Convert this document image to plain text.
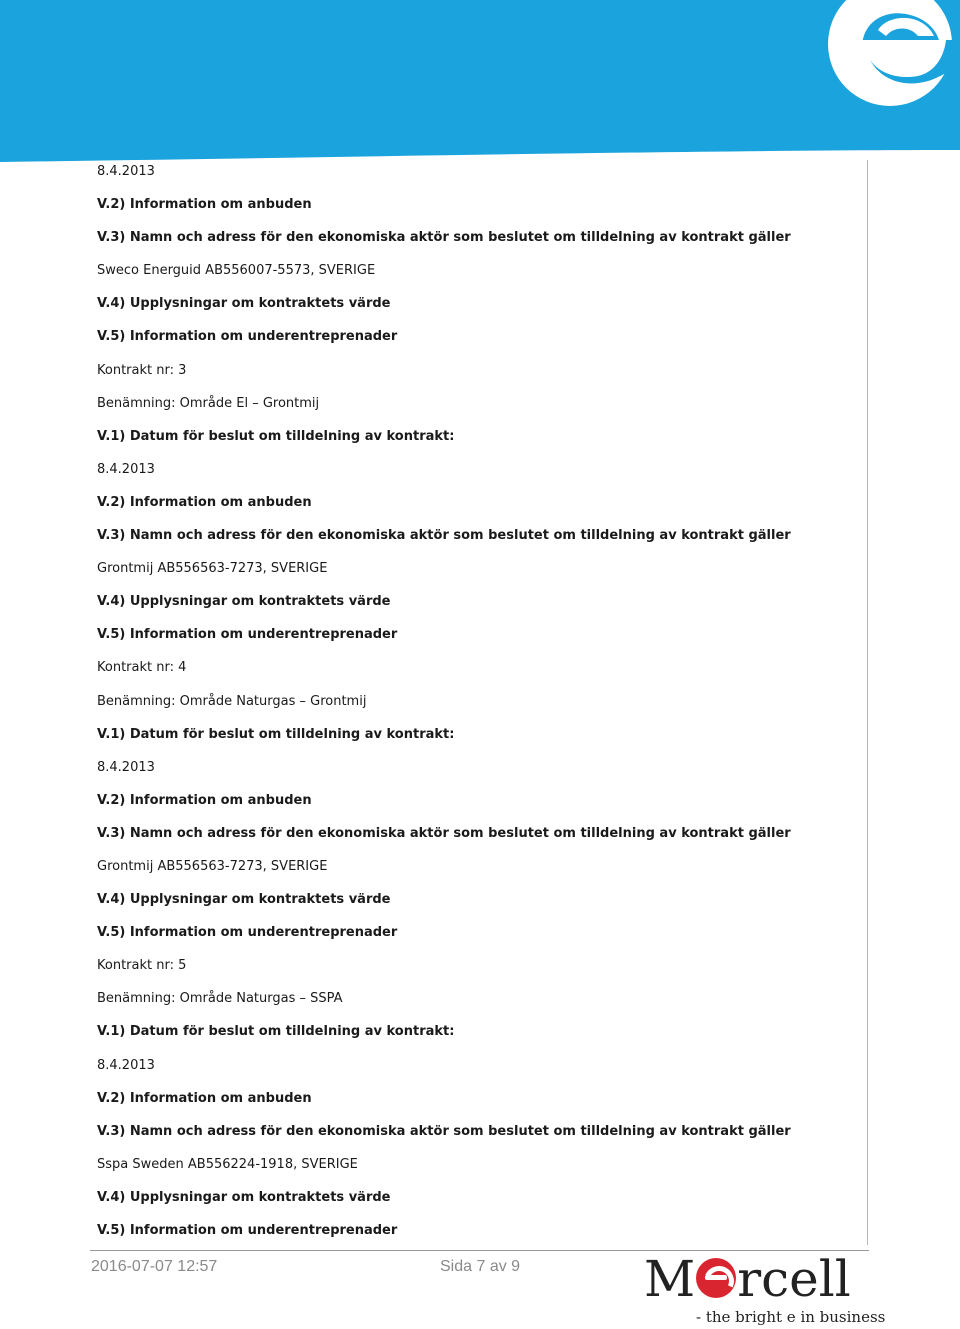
8.4.2013
V.2) Information om anbuden
V.3) Namn och adress för den ekonomiska aktör som beslutet om tilldelning av kontrakt gäller
Sweco Energuid AB556007-5573, SVERIGE
V.4) Upplysningar om kontraktets värde
V.5) Information om underentreprenader
Kontrakt nr: 3
Benämning: Område El – Grontmij
V.1) Datum för beslut om tilldelning av kontrakt:
8.4.2013
V.2) Information om anbuden
V.3) Namn och adress för den ekonomiska aktör som beslutet om tilldelning av kontrakt gäller
Grontmij AB556563-7273, SVERIGE
V.4) Upplysningar om kontraktets värde
V.5) Information om underentreprenader
Kontrakt nr: 4
Benämning: Område Naturgas – Grontmij
V.1) Datum för beslut om tilldelning av kontrakt:
8.4.2013
V.2) Information om anbuden
V.3) Namn och adress för den ekonomiska aktör som beslutet om tilldelning av kontrakt gäller
Grontmij AB556563-7273, SVERIGE
V.4) Upplysningar om kontraktets värde
V.5) Information om underentreprenader
Kontrakt nr: 5
Benämning: Område Naturgas – SSPA
V.1) Datum för beslut om tilldelning av kontrakt:
8.4.2013
V.2) Information om anbuden
V.3) Namn och adress för den ekonomiska aktör som beslutet om tilldelning av kontrakt gäller
Sspa Sweden AB556224-1918, SVERIGE
V.4) Upplysningar om kontraktets värde
V.5) Information om underentreprenader
2016-07-07 12:57	Sida 7 av 9 M rcell
- the bright e in business
